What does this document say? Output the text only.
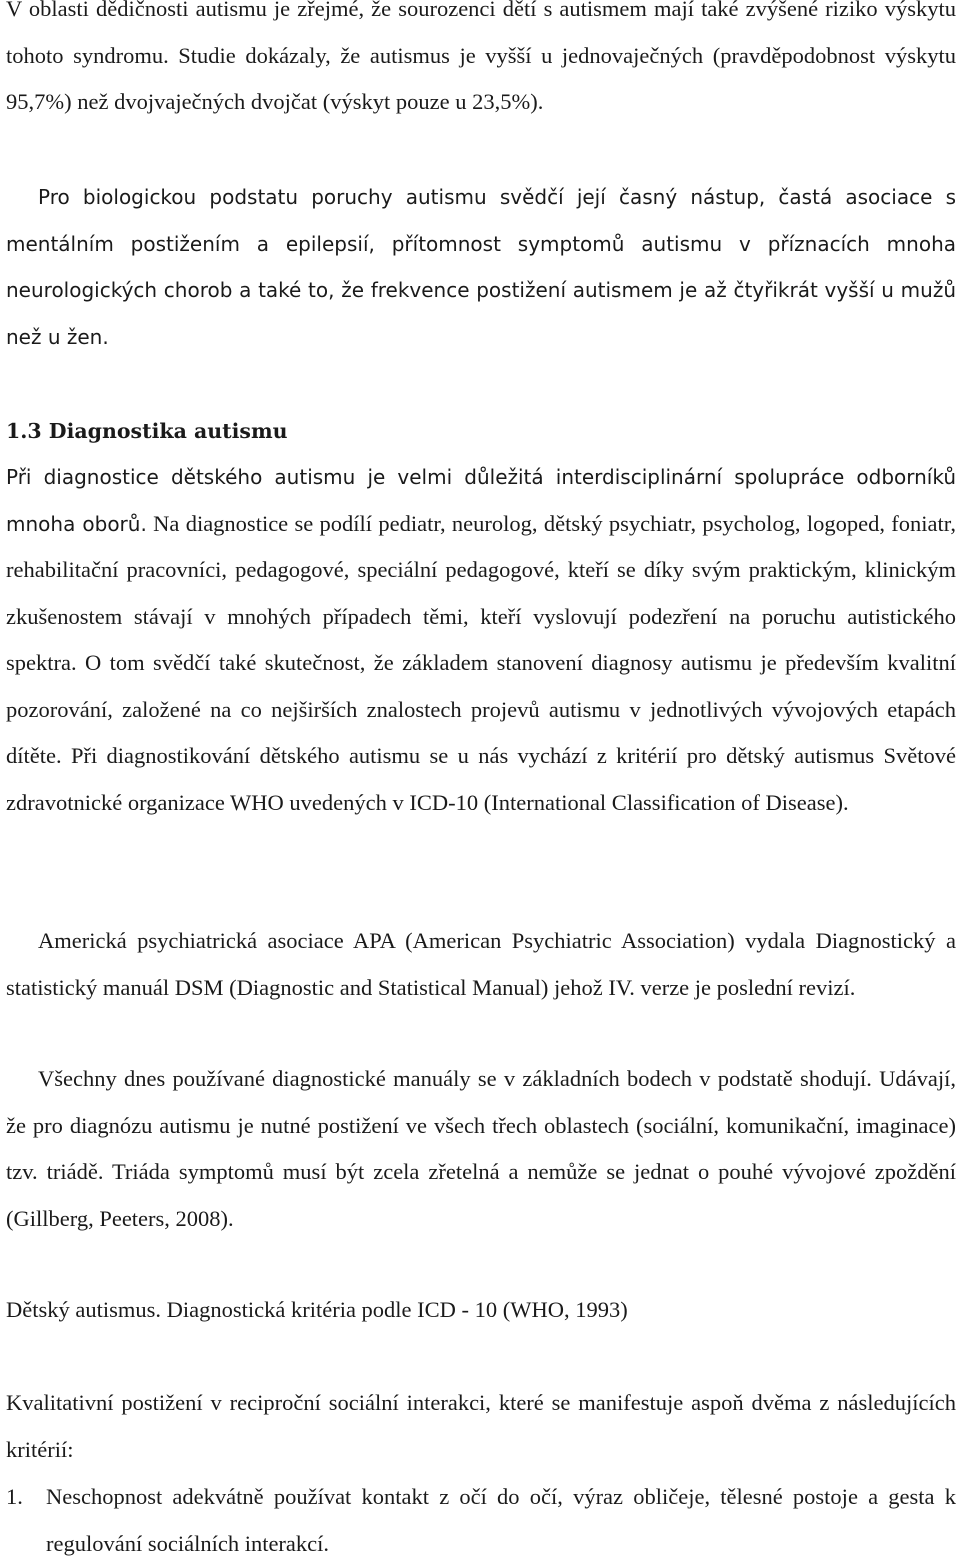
V oblasti dědičnosti autismu je zřejmé, že sourozenci dětí s autismem mají také zvýšené riziko výskytu tohoto syndromu. Studie dokázaly, že autismus je vyšší u jednovaječných (pravděpodobnost výskytu 95,7%) než dvojvaječných dvojčat (výskyt pouze u 23,5%).

Pro biologickou podstatu poruchy autismu svědčí její časný nástup, častá asociace s mentálním postižením a epilepsií, přítomnost symptomů autismu v příznacích mnoha neurologických chorob a také to, že frekvence postižení autismem je až čtyřikrát vyšší u mužů než u žen.

1.3 Diagnostika autismu

Při diagnostice dětského autismu je velmi důležitá interdisciplinární spolupráce odborníků mnoha oborů. Na diagnostice se podílí pediatr, neurolog, dětský psychiatr, psycholog, logoped, foniatr, rehabilitační pracovníci, pedagogové, speciální pedagogové, kteří se díky svým praktickým, klinickým zkušenostem stávají v mnohých případech těmi, kteří vyslovují podezření na poruchu autistického spektra. O tom svědčí také skutečnost, že základem stanovení diagnosy autismu je především kvalitní pozorování, založené na co nejširších znalostech projevů autismu v jednotlivých vývojových etapách dítěte. Při diagnostikování dětského autismu se u nás vychází z kritérií pro dětský autismus Světové zdravotnické organizace WHO uvedených v ICD-10 (International Classification of Disease).

Americká psychiatrická asociace APA (American Psychiatric Association) vydala Diagnostický a statistický manuál DSM (Diagnostic and Statistical Manual) jehož IV. verze je poslední revizí.

Všechny dnes používané diagnostické manuály se v základních bodech v podstatě shodují. Udávají, že pro diagnózu autismu je nutné postižení ve všech třech oblastech (sociální, komunikační, imaginace) tzv. triádě. Triáda symptomů musí být zcela zřetelná a nemůže se jednat o pouhé vývojové zpoždění (Gillberg, Peeters, 2008).

Dětský autismus. Diagnostická kritéria podle ICD - 10 (WHO, 1993)

Kvalitativní postižení v reciproční sociální interakci, které se manifestuje aspoň dvěma z následujících kritérií:

1.	Neschopnost adekvátně používat kontakt z očí do očí, výraz obličeje, tělesné postoje a gesta k regulování sociálních interakcí.
